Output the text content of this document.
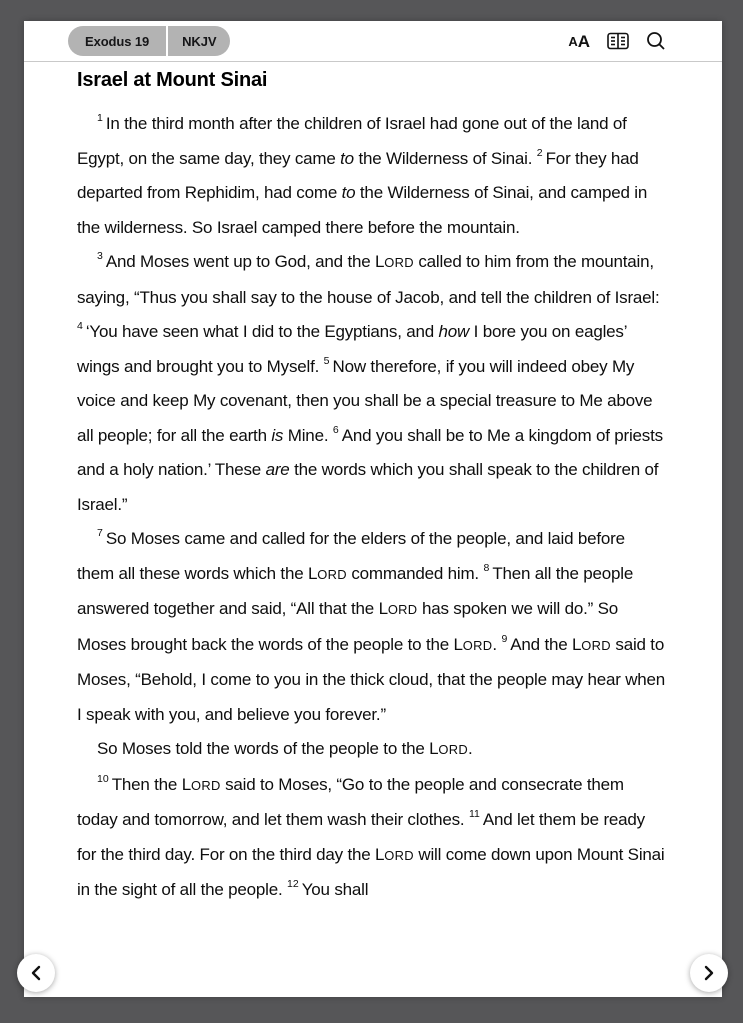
Exodus 19	NKJV	A A
Israel at Mount Sinai

$^1$ In the third month after the children of Israel had gone out of the land of Egypt, on the same day, they came to the Wilderness of Sinai. $^2$ For they had departed from Rephidim, had come to the Wilderness of Sinai, and camped in the wilderness. So Israel camped there before the mountain.

$^3$ And Moses went up to God, and the LORD called to him from the mountain, saying, “Thus you shall say to the house of Jacob, and tell the children of Israel: $^4$ ‘You have seen what I did to the Egyptians, and how I bore you on eagles’ wings and brought you to Myself. $^5$ Now therefore, if you will indeed obey My voice and keep My covenant, then you shall be a special treasure to Me above all people; for all the earth is Mine. $^6$ And you shall be to Me a kingdom of priests and a holy nation.’ These are the words which you shall speak to the children of Israel.”

$^7$ So Moses came and called for the elders of the people, and laid before them all these words which the LORD commanded him. $^8$ Then all the people answered together and said, “All that the LORD has spoken we will do.” So Moses brought back the words of the people to the LORD. $^9$ And the LORD said to Moses, “Behold, I come to you in the thick cloud, that the people may hear when I speak with you, and believe you forever.”

So Moses told the words of the people to the LORD.

$^{10}$ Then the LORD said to Moses, “Go to the people and consecrate them today and tomorrow, and let them wash their clothes. $^{11}$ And let them be ready for the third day. For on the third day the LORD will come down upon Mount Sinai in the sight of all the people. $^{12}$ You shall
